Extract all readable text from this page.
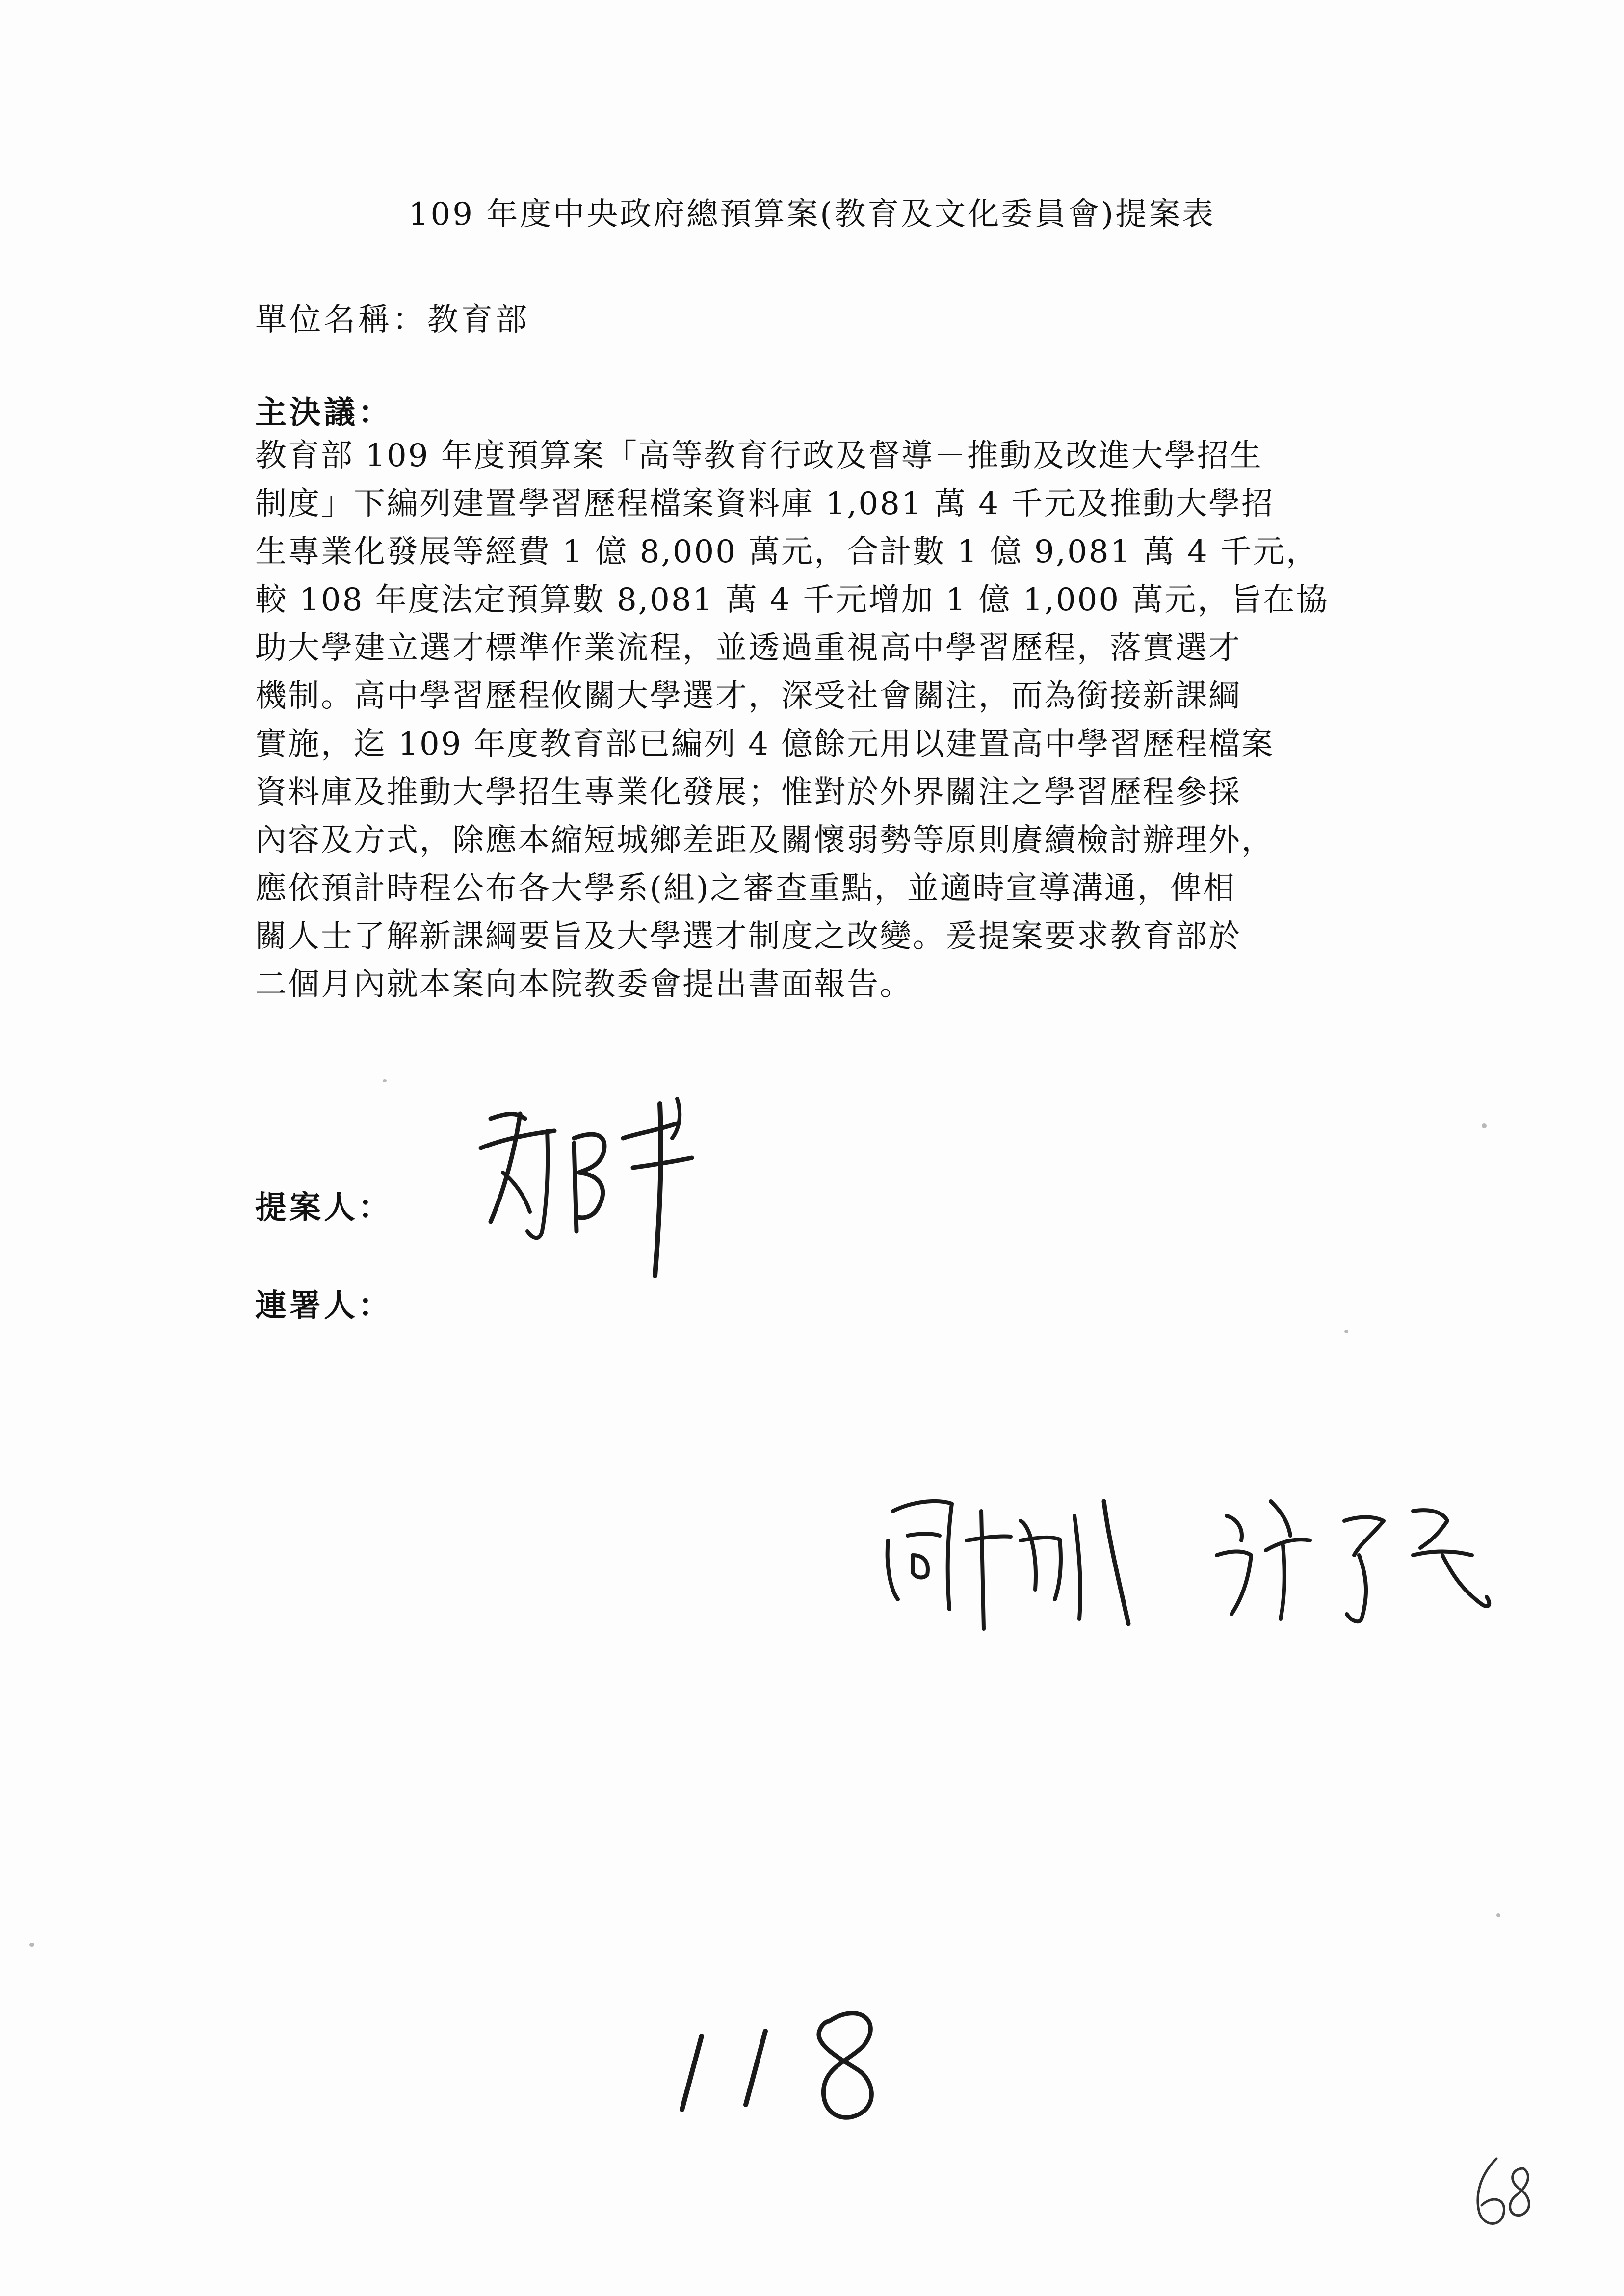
109 年度中央政府總預算案(教育及文化委員會)提案表
單位名稱：教育部
主決議：
教育部 109 年度預算案「高等教育行政及督導－推動及改進大學招生
制度」下編列建置學習歷程檔案資料庫 1,081 萬 4 千元及推動大學招
生專業化發展等經費 1 億 8,000 萬元，合計數 1 億 9,081 萬 4 千元，
較 108 年度法定預算數 8,081 萬 4 千元增加 1 億 1,000 萬元，旨在協
助大學建立選才標準作業流程，並透過重視高中學習歷程，落實選才
機制。高中學習歷程攸關大學選才，深受社會關注，而為銜接新課綱
實施，迄 109 年度教育部已編列 4 億餘元用以建置高中學習歷程檔案
資料庫及推動大學招生專業化發展；惟對於外界關注之學習歷程參採
內容及方式，除應本縮短城鄉差距及關懷弱勢等原則賡續檢討辦理外，
應依預計時程公布各大學系(組)之審查重點，並適時宣導溝通，俾相
關人士了解新課綱要旨及大學選才制度之改變。爰提案要求教育部於
二個月內就本案向本院教委會提出書面報告。
提案人：
連署人：
